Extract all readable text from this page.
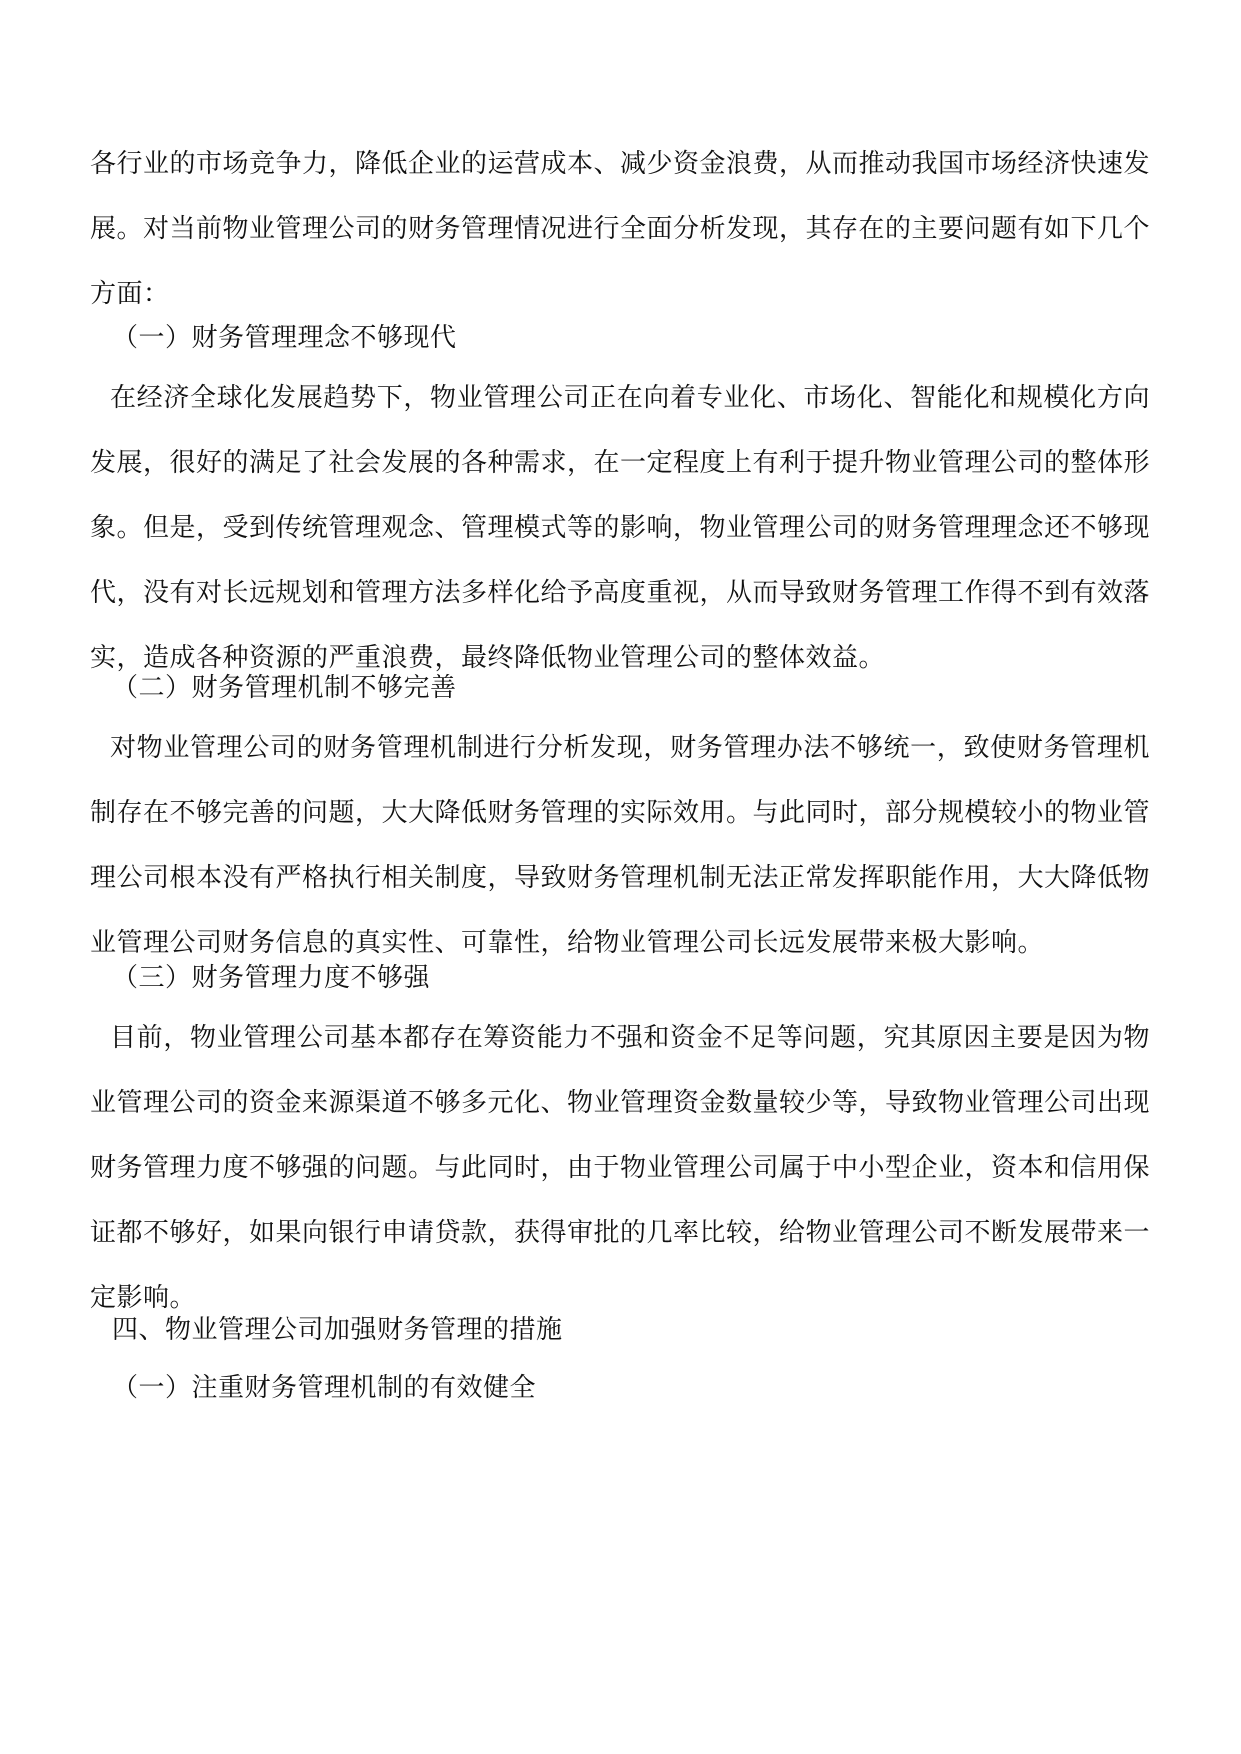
各行业的市场竞争力，降低企业的运营成本、减少资金浪费，从而推动我国市场经济快速发展。对当前物业管理公司的财务管理情况进行全面分析发现，其存在的主要问题有如下几个方面：

（一）财务管理理念不够现代

在经济全球化发展趋势下，物业管理公司正在向着专业化、市场化、智能化和规模化方向发展，很好的满足了社会发展的各种需求，在一定程度上有利于提升物业管理公司的整体形象。但是，受到传统管理观念、管理模式等的影响，物业管理公司的财务管理理念还不够现代，没有对长远规划和管理方法多样化给予高度重视，从而导致财务管理工作得不到有效落实，造成各种资源的严重浪费，最终降低物业管理公司的整体效益。

（二）财务管理机制不够完善

对物业管理公司的财务管理机制进行分析发现，财务管理办法不够统一，致使财务管理机制存在不够完善的问题，大大降低财务管理的实际效用。与此同时，部分规模较小的物业管理公司根本没有严格执行相关制度，导致财务管理机制无法正常发挥职能作用，大大降低物业管理公司财务信息的真实性、可靠性，给物业管理公司长远发展带来极大影响。

（三）财务管理力度不够强

目前，物业管理公司基本都存在筹资能力不强和资金不足等问题，究其原因主要是因为物业管理公司的资金来源渠道不够多元化、物业管理资金数量较少等，导致物业管理公司出现财务管理力度不够强的问题。与此同时，由于物业管理公司属于中小型企业，资本和信用保证都不够好，如果向银行申请贷款，获得审批的几率比较，给物业管理公司不断发展带来一定影响。

四、物业管理公司加强财务管理的措施

（一）注重财务管理机制的有效健全
